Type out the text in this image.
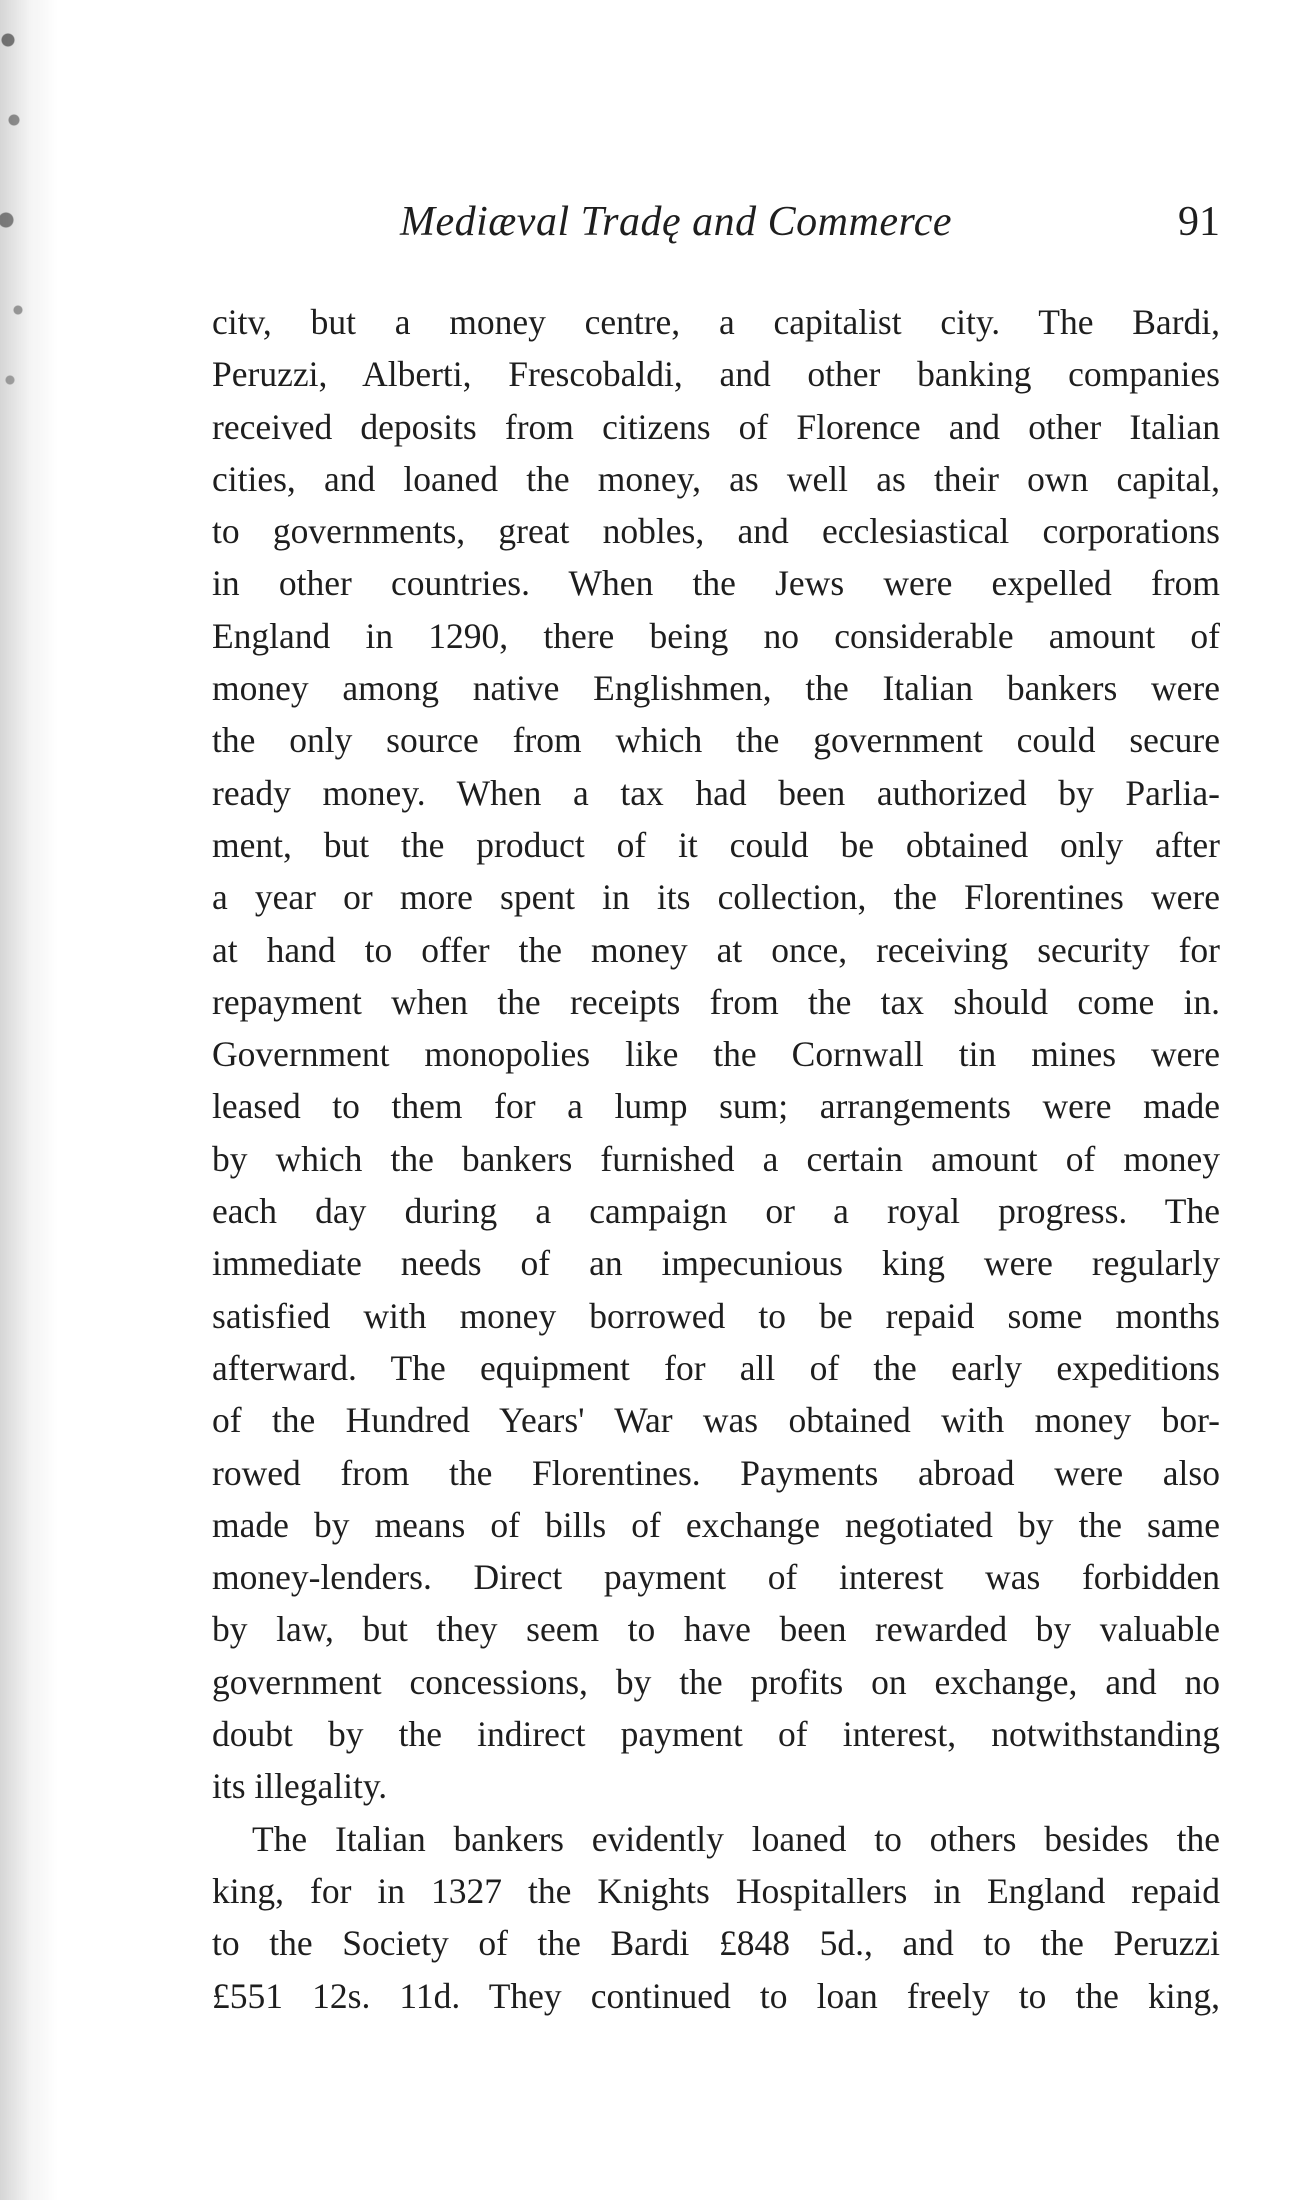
Mediæval Tradę and Commerce	91
citv, but a money centre, a capitalist city. The Bardi,
Peruzzi, Alberti, Frescobaldi, and other banking companies
received deposits from citizens of Florence and other Italian
cities, and loaned the money, as well as their own capital,
to governments, great nobles, and ecclesiastical corporations
in other countries. When the Jews were expelled from
England in 1290, there being no considerable amount of
money among native Englishmen, the Italian bankers were
the only source from which the government could secure
ready money. When a tax had been authorized by Parlia-
ment, but the product of it could be obtained only after
a year or more spent in its collection, the Florentines were
at hand to offer the money at once, receiving security for
repayment when the receipts from the tax should come in.
Government monopolies like the Cornwall tin mines were
leased to them for a lump sum; arrangements were made
by which the bankers furnished a certain amount of money
each day during a campaign or a royal progress. The
immediate needs of an impecunious king were regularly
satisfied with money borrowed to be repaid some months
afterward. The equipment for all of the early expeditions
of the Hundred Years' War was obtained with money bor-
rowed from the Florentines. Payments abroad were also
made by means of bills of exchange negotiated by the same
money-lenders. Direct payment of interest was forbidden
by law, but they seem to have been rewarded by valuable
government concessions, by the profits on exchange, and no
doubt by the indirect payment of interest, notwithstanding
its illegality.
The Italian bankers evidently loaned to others besides the
king, for in 1327 the Knights Hospitallers in England repaid
to the Society of the Bardi £848 5d., and to the Peruzzi
£551 12s. 11d. They continued to loan freely to the king,
